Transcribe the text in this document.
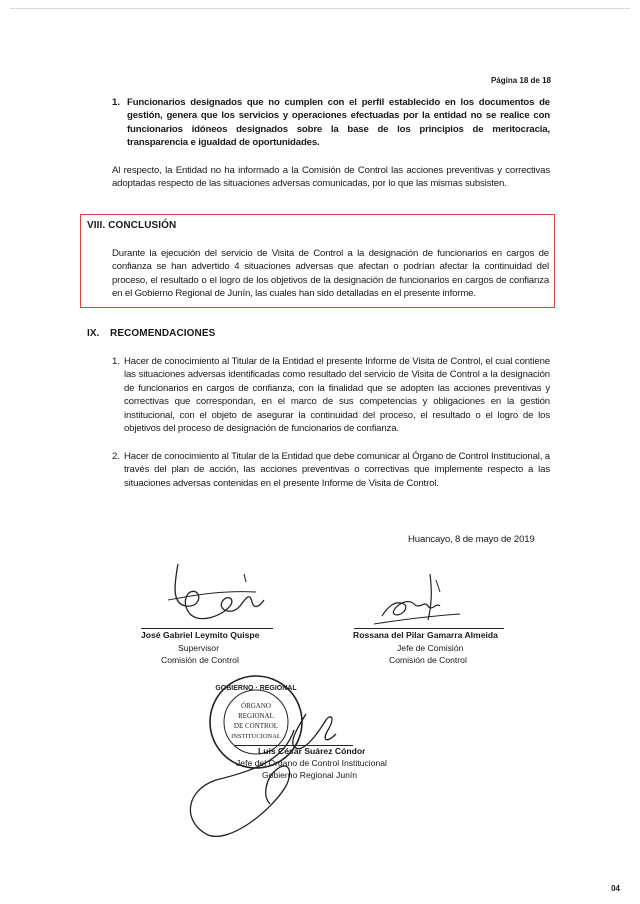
Página 18 de 18
1. Funcionarios designados que no cumplen con el perfil establecido en los documentos de gestión, genera que los servicios y operaciones efectuadas por la entidad no se realice con funcionarios idóneos designados sobre la base de los principios de meritocracia, transparencia e igualdad de oportunidades.
Al respecto, la Entidad no ha informado a la Comisión de Control las acciones preventivas y correctivas adoptadas respecto de las situaciones adversas comunicadas, por lo que las mismas subsisten.
VIII. CONCLUSIÓN
Durante la ejecución del servicio de Visita de Control a la designación de funcionarios en cargos de confianza se han advertido 4 situaciones adversas que afectan o podrían afectar la continuidad del proceso, el resultado o el logro de los objetivos de la designación de funcionarios en cargos de confianza en el Gobierno Regional de Junín, las cuales han sido detalladas en el presente informe.
IX. RECOMENDACIONES
1. Hacer de conocimiento al Titular de la Entidad el presente Informe de Visita de Control, el cual contiene las situaciones adversas identificadas como resultado del servicio de Visita de Control a la designación de funcionarios en cargos de confianza, con la finalidad que se adopten las acciones preventivas y correctivas que correspondan, en el marco de sus competencias y obligaciones en la gestión institucional, con el objeto de asegurar la continuidad del proceso, el resultado o el logro de los objetivos del proceso de designación de funcionarios de confianza.
2. Hacer de conocimiento al Titular de la Entidad que debe comunicar al Órgano de Control Institucional, a través del plan de acción, las acciones preventivas o correctivas que implemente respecto a las situaciones adversas contenidas en el presente Informe de Visita de Control.
Huancayo, 8 de mayo de 2019
José Gabriel Leymito Quispe
Supervisor
Comisión de Control
Rossana del Pilar Gamarra Almeida
Jefe de Comisión
Comisión de Control
GOBIERNO · REGIONAL
ÓRGANO
REGIONAL
DE CONTROL
INSTITUCIONAL
Luis César Suárez Cóndor
Jefe del Órgano de Control Institucional
Gobierno Regional Junín
04
